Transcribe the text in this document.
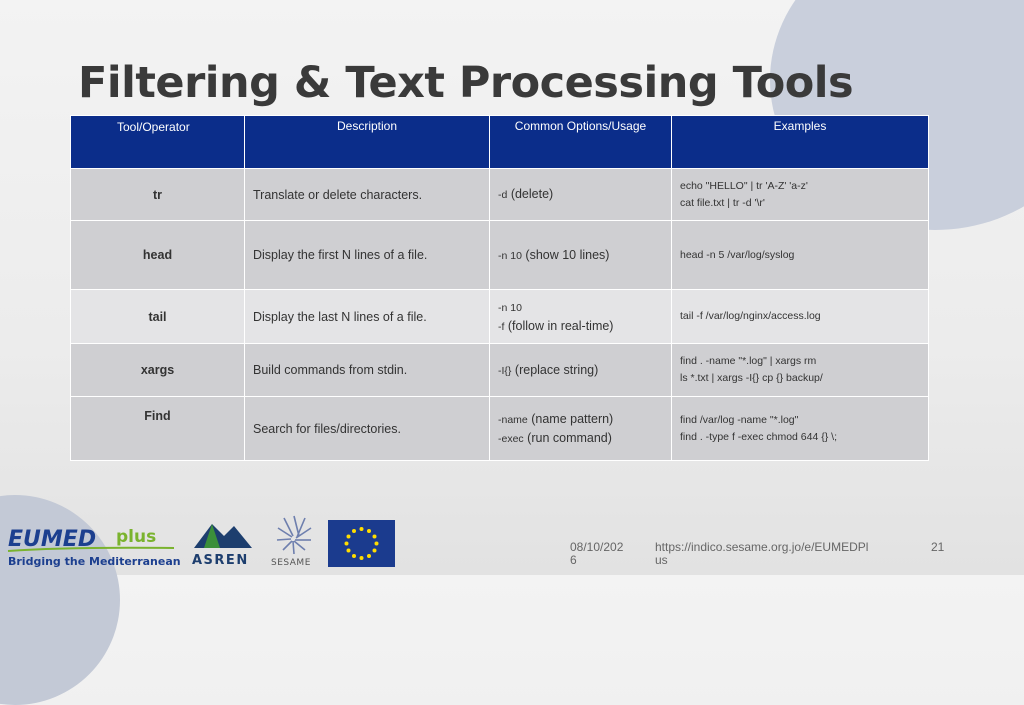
Filtering & Text Processing Tools
Tool/Operator	Description	Common Options/Usage	Examples
tr	Translate or delete characters.	-d (delete)	echo "HELLO" | tr 'A-Z' 'a-z'
cat file.txt | tr -d '\r'

head	Display the first N lines of a file.	-n 10 (show 10 lines)	head -n 5 /var/log/syslog

tail	Display the last N lines of a file.	-n 10
-f (follow in real-time)	tail -f /var/log/nginx/access.log

xargs	Build commands from stdin.	-I{} (replace string)	find . -name "*.log" | xargs rm
ls *.txt | xargs -I{} cp {} backup/

Find	Search for files/directories.	-name (name pattern)
-exec (run command)	find /var/log -name "*.log"
find . -type f -exec chmod 644 {} \;
EUMED plus
Bridging the Mediterranean ASREN SESAME
08/10/202
6
https://indico.sesame.org.jo/e/EUMEDPl
us
21
